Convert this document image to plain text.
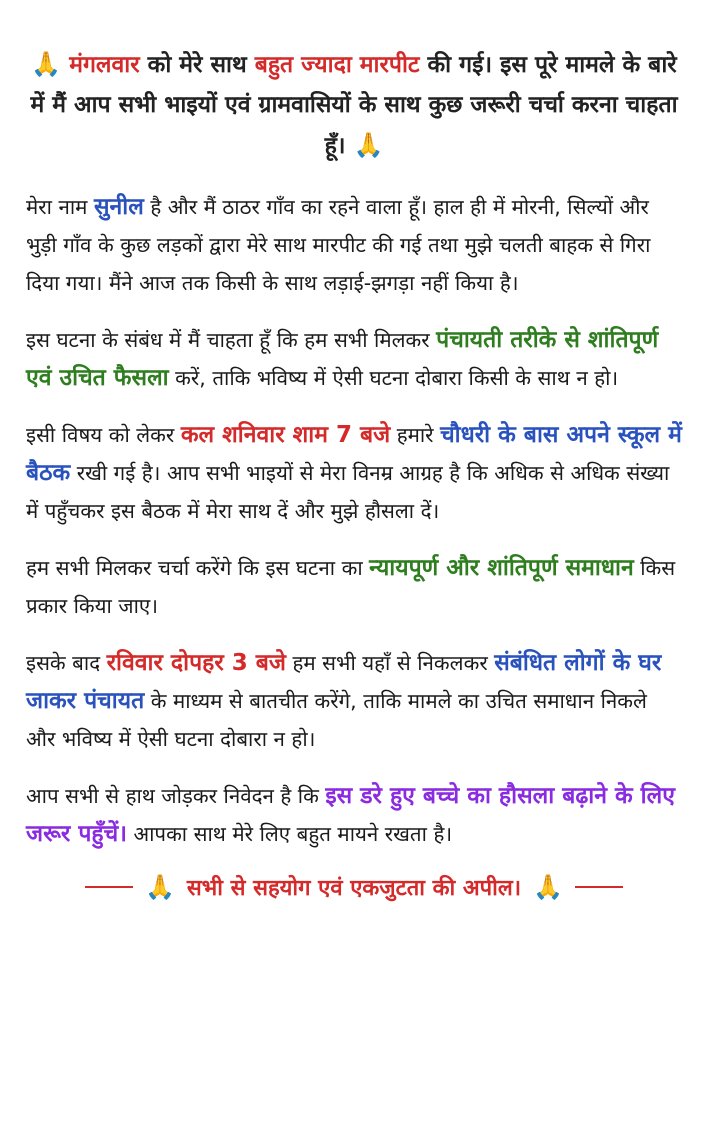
🙏 मंगलवार को मेरे साथ बहुत ज्यादा मारपीट की गई। इस पूरे मामले के बारे में मैं आप सभी भाइयों एवं ग्रामवासियों के साथ कुछ जरूरी चर्चा करना चाहता हूँ। 🙏

मेरा नाम सुनील है और मैं ठाठर गाँव का रहने वाला हूँ। हाल ही में मोरनी, सिल्यों और भुड़ी गाँव के कुछ लड़कों द्वारा मेरे साथ मारपीट की गई तथा मुझे चलती बाहक से गिरा दिया गया। मैंने आज तक किसी के साथ लड़ाई-झगड़ा नहीं किया है।

इस घटना के संबंध में मैं चाहता हूँ कि हम सभी मिलकर पंचायती तरीके से शांतिपूर्ण एवं उचित फैसला करें, ताकि भविष्य में ऐसी घटना दोबारा किसी के साथ न हो।

इसी विषय को लेकर कल शनिवार शाम 7 बजे हमारे चौधरी के बास अपने स्कूल में बैठक रखी गई है। आप सभी भाइयों से मेरा विनम्र आग्रह है कि अधिक से अधिक संख्या में पहुँचकर इस बैठक में मेरा साथ दें और मुझे हौसला दें।

हम सभी मिलकर चर्चा करेंगे कि इस घटना का न्यायपूर्ण और शांतिपूर्ण समाधान किस प्रकार किया जाए।

इसके बाद रविवार दोपहर 3 बजे हम सभी यहाँ से निकलकर संबंधित लोगों के घर जाकर पंचायत के माध्यम से बातचीत करेंगे, ताकि मामले का उचित समाधान निकले और भविष्य में ऐसी घटना दोबारा न हो।

आप सभी से हाथ जोड़कर निवेदन है कि इस डरे हुए बच्चे का हौसला बढ़ाने के लिए जरूर पहुँचें। आपका साथ मेरे लिए बहुत मायने रखता है।

🙏 सभी से सहयोग एवं एकजुटता की अपील। 🙏
